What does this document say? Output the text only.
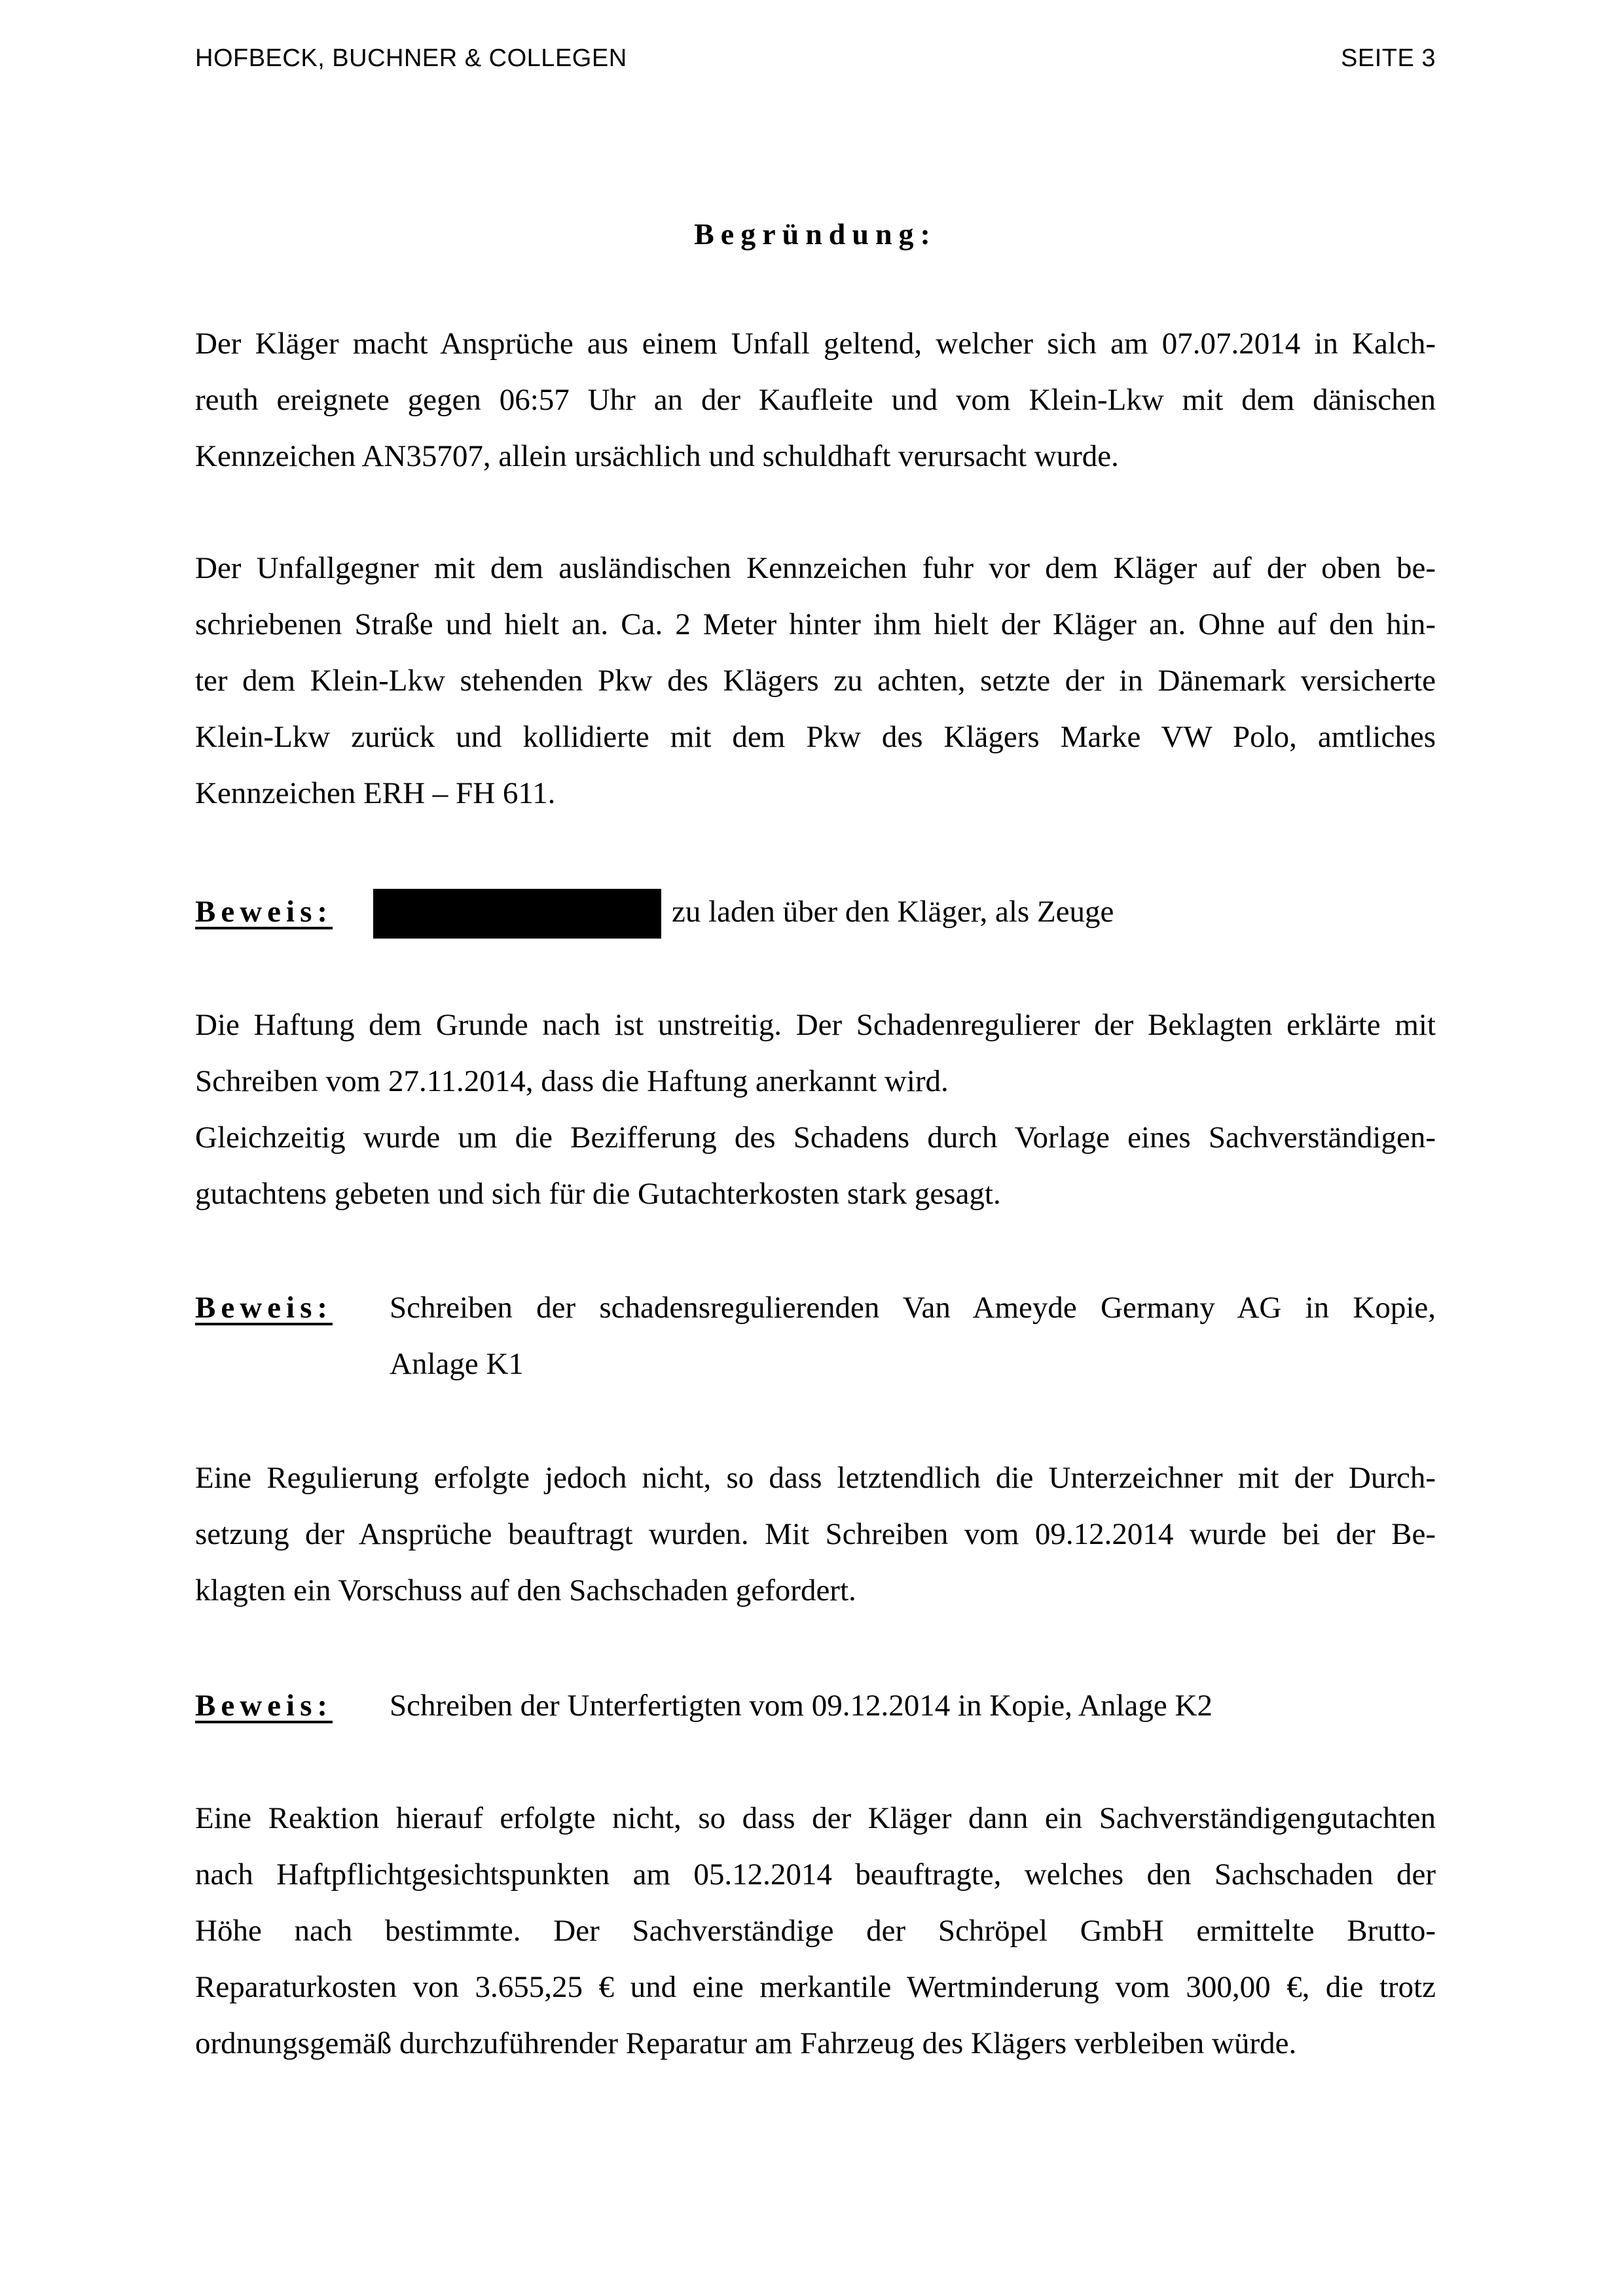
HOFBECK, BUCHNER & COLLEGEN	SEITE 3
Begründung:
Der Kläger macht Ansprüche aus einem Unfall geltend, welcher sich am 07.07.2014 in Kalch-
reuth ereignete gegen 06:57 Uhr an der Kaufleite und vom Klein-Lkw mit dem dänischen
Kennzeichen AN35707, allein ursächlich und schuldhaft verursacht wurde.
Der Unfallgegner mit dem ausländischen Kennzeichen fuhr vor dem Kläger auf der oben be-
schriebenen Straße und hielt an. Ca. 2 Meter hinter ihm hielt der Kläger an. Ohne auf den hin-
ter dem Klein-Lkw stehenden Pkw des Klägers zu achten, setzte der in Dänemark versicherte
Klein-Lkw zurück und kollidierte mit dem Pkw des Klägers Marke VW Polo, amtliches
Kennzeichen ERH – FH 611.
Beweis:	zu laden über den Kläger, als Zeuge
Die Haftung dem Grunde nach ist unstreitig. Der Schadenregulierer der Beklagten erklärte mit
Schreiben vom 27.11.2014, dass die Haftung anerkannt wird.
Gleichzeitig wurde um die Bezifferung des Schadens durch Vorlage eines Sachverständigen-
gutachtens gebeten und sich für die Gutachterkosten stark gesagt.
Beweis: Schreiben der schadensregulierenden Van Ameyde Germany AG in Kopie,
Anlage K1
Eine Regulierung erfolgte jedoch nicht, so dass letztendlich die Unterzeichner mit der Durch-
setzung der Ansprüche beauftragt wurden. Mit Schreiben vom 09.12.2014 wurde bei der Be-
klagten ein Vorschuss auf den Sachschaden gefordert.
Beweis: Schreiben der Unterfertigten vom 09.12.2014 in Kopie, Anlage K2
Eine Reaktion hierauf erfolgte nicht, so dass der Kläger dann ein Sachverständigengutachten
nach Haftpflichtgesichtspunkten am 05.12.2014 beauftragte, welches den Sachschaden der
Höhe nach bestimmte. Der Sachverständige der Schröpel GmbH ermittelte Brutto-
Reparaturkosten von 3.655,25 € und eine merkantile Wertminderung vom 300,00 €, die trotz
ordnungsgemäß durchzuführender Reparatur am Fahrzeug des Klägers verbleiben würde.
